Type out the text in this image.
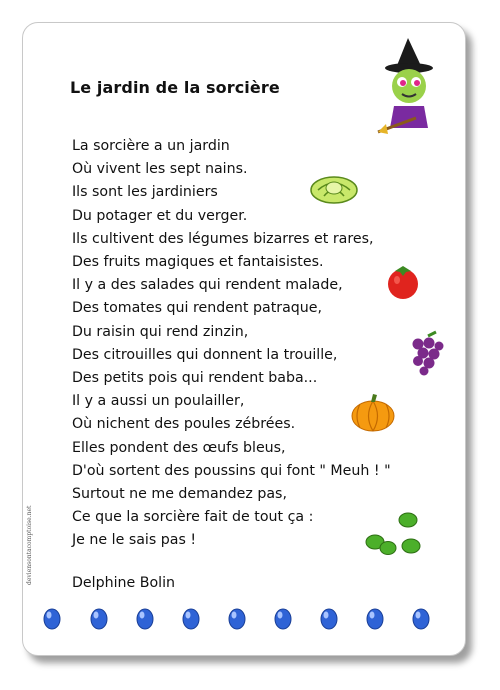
Le jardin de la sorcière
La sorcière a un jardin
Où vivent les sept nains.
Ils sont les jardiniers
Du potager et du verger.
Ils cultivent des légumes bizarres et rares,
Des fruits magiques et fantaisistes.
Il y a des salades qui rendent malade,
Des tomates qui rendent patraque,
Du raisin qui rend zinzin,
Des citrouilles qui donnent la trouille,
Des petits pois qui rendent baba...
Il y a aussi un poulailler,
Où nichent des poules zébrées.
Elles pondent des œufs bleus,
D'où sortent des poussins qui font " Meuh ! "
Surtout ne me demandez pas,
Ce que la sorcière fait de tout ça :
Je ne le sais pas !
Delphine Bolin
deviensontacomptoise.net
